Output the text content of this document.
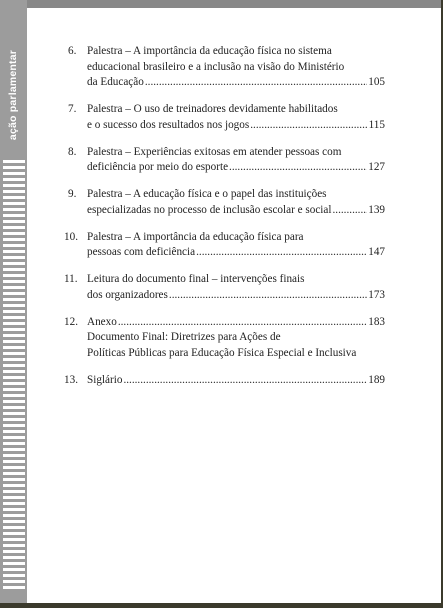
ação parlamentar	6. Palestra – A importância da educação física no sistema
educacional brasileiro e a inclusão na visão do Ministério
da Educação .....	105
7. Palestra – O uso de treinadores devidamente habilitados
e o sucesso dos resultados nos jogos .....	115
8. Palestra – Experiências exitosas em atender pessoas com
deficiência por meio do esporte .....	127
9. Palestra – A educação física e o papel das instituições
especializadas no processo de inclusão escolar e social .....	139
10. Palestra – A importância da educação física para
pessoas com deficiência .....	147
11. Leitura do documento final – intervenções finais
dos organizadores .....	173
12. Anexo .....	183
Documento Final: Diretrizes para Ações de
Políticas Públicas para Educação Física Especial e Inclusiva
13. Siglário .....	189
